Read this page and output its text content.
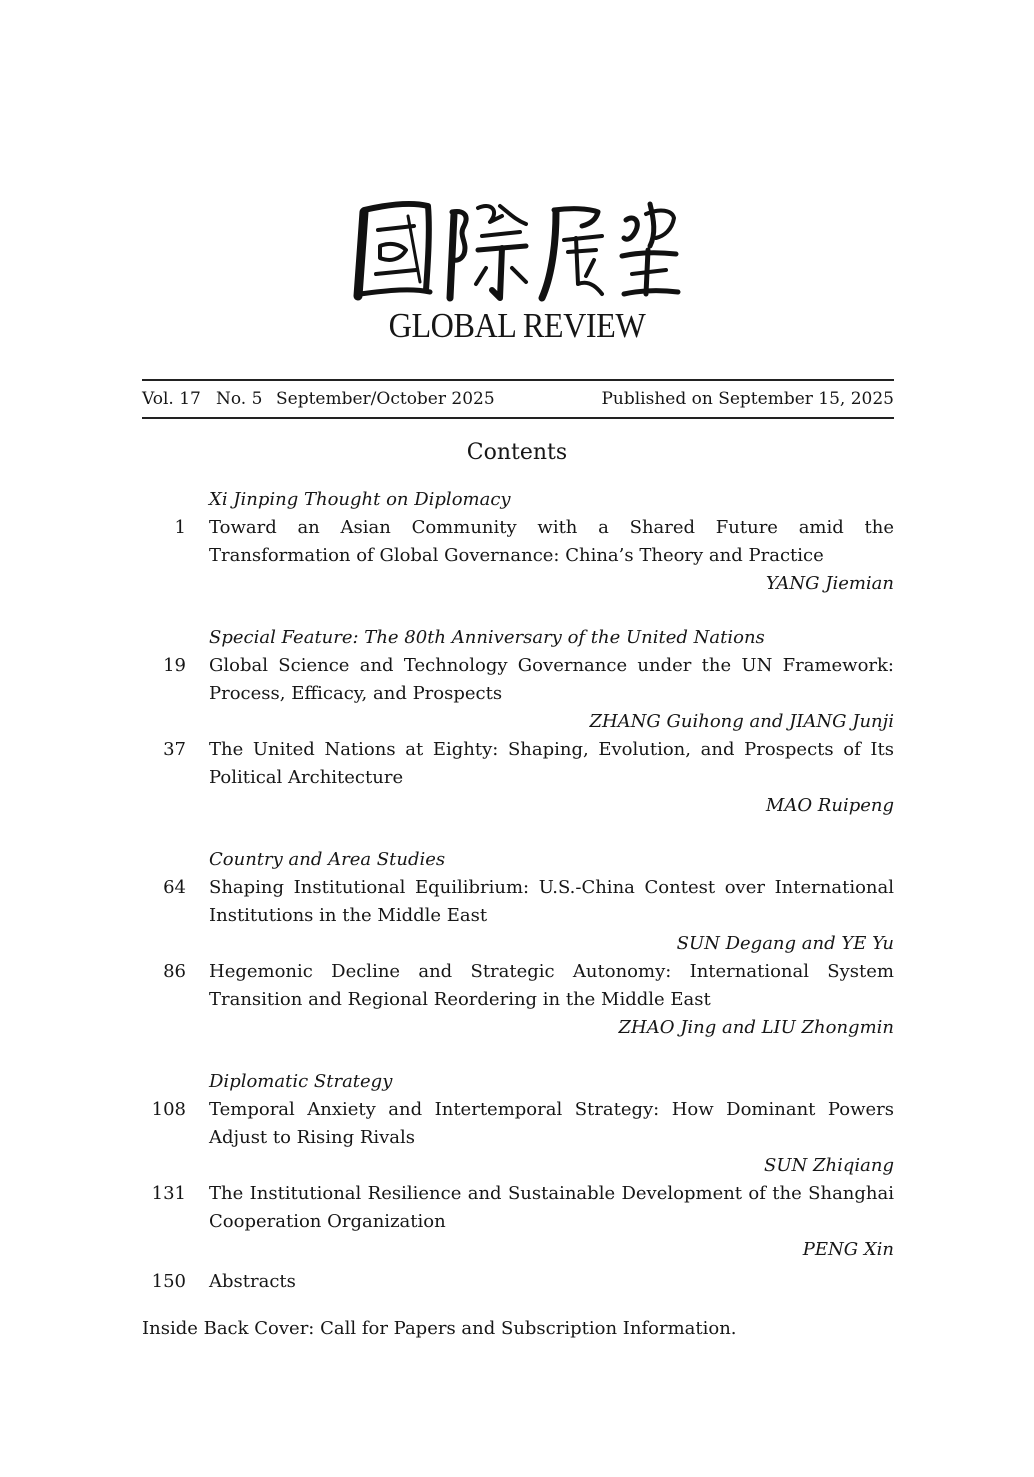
GLOBAL REVIEW
Vol. 17 No. 5 September/October 2025	Published on September 15, 2025
Contents
Xi Jinping Thought on Diplomacy
1 Toward an Asian Community with a Shared Future amid the Transformation of Global Governance: China’s Theory and Practice
YANG Jiemian
Special Feature: The 80th Anniversary of the United Nations
19 Global Science and Technology Governance under the UN Framework: Process, Efficacy, and Prospects
ZHANG Guihong and JIANG Junji
37 The United Nations at Eighty: Shaping, Evolution, and Prospects of Its Political Architecture
MAO Ruipeng
Country and Area Studies
64 Shaping Institutional Equilibrium: U.S.-China Contest over International Institutions in the Middle East
SUN Degang and YE Yu
86 Hegemonic Decline and Strategic Autonomy: International System Transition and Regional Reordering in the Middle East
ZHAO Jing and LIU Zhongmin
Diplomatic Strategy
108 Temporal Anxiety and Intertemporal Strategy: How Dominant Powers Adjust to Rising Rivals
SUN Zhiqiang
131 The Institutional Resilience and Sustainable Development of the Shanghai Cooperation Organization
PENG Xin
150 Abstracts
Inside Back Cover: Call for Papers and Subscription Information.
